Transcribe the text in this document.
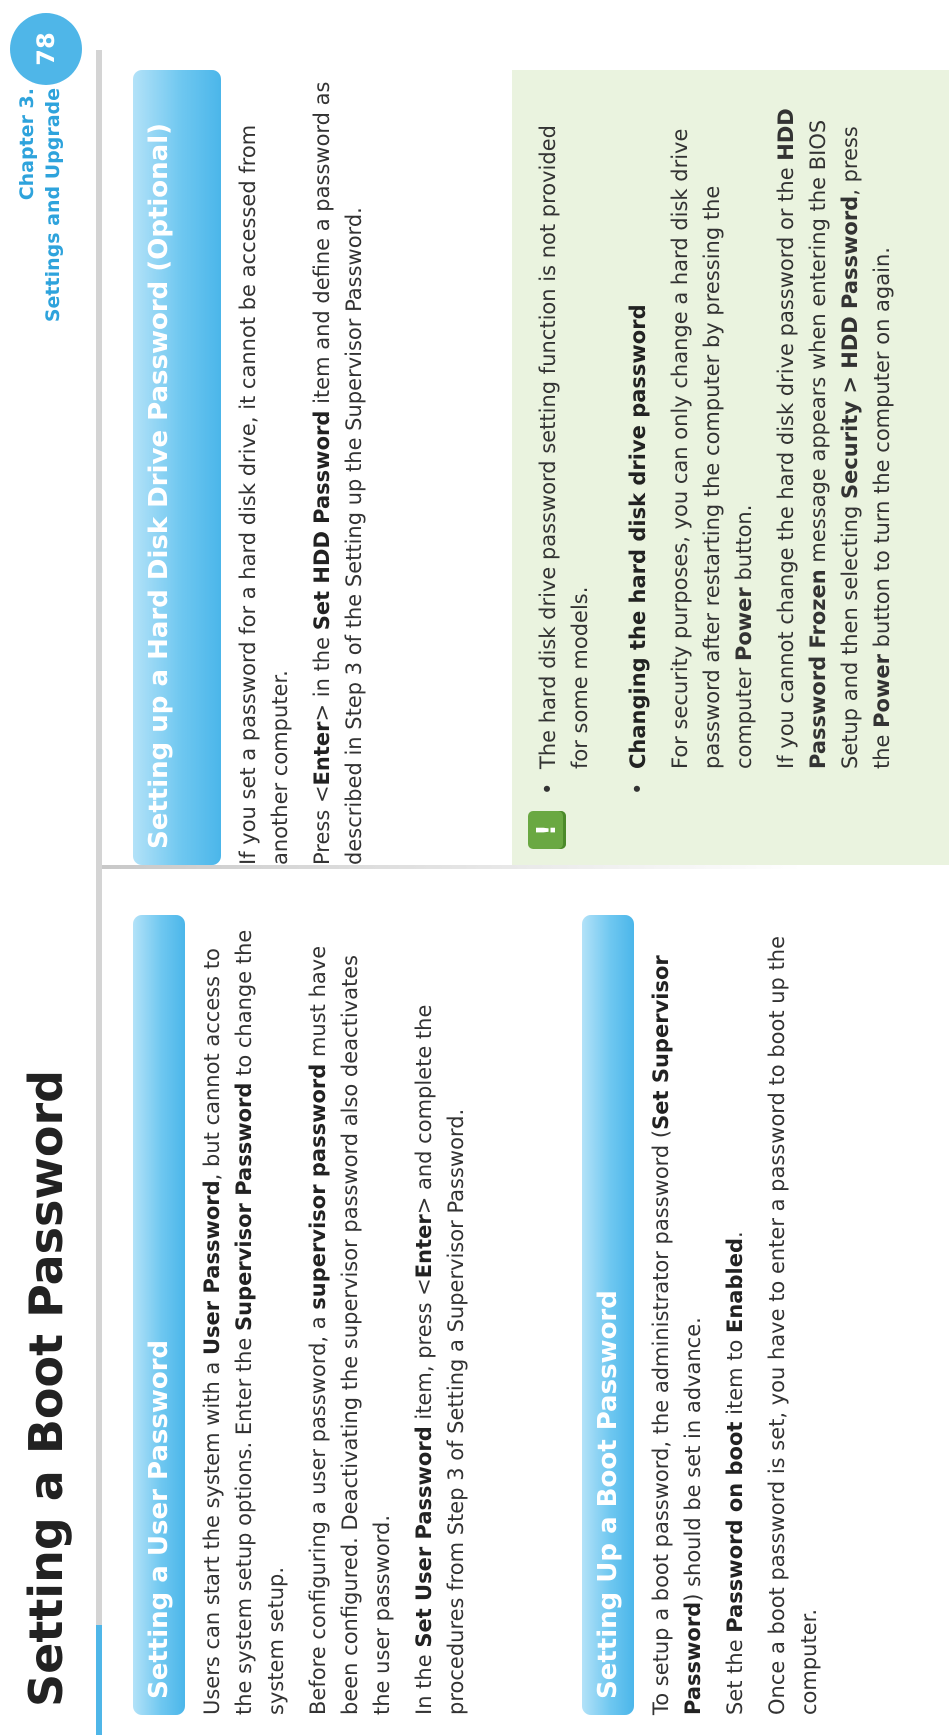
Setting a Boot Password
Chapter 3. Settings and Upgrade
78
Setting a User Password	Users can start the system with a User Password, but cannot access to the system setup options. Enter the Supervisor Password to change the system setup. Before configuring a user password, a supervisor password must have been configured. Deactivating the supervisor password also deactivates the user password. In the Set User Password item, press <Enter> and complete the procedures from Step 3 of Setting a Supervisor Password.	Setting Up a Boot Password	To setup a boot password, the administrator password (Set Supervisor Password) should be set in advance.

Set the Password on boot item to Enabled. Once a boot password is set, you have to enter a password to boot up the computer.

Setting up a Hard Disk Drive Password (Optional)	If you set a password for a hard disk drive, it cannot be accessed from another computer. Press <Enter> in the Set HDD Password item and define a password as described in Step 3 of the Setting up the Supervisor Password.	!
• The hard disk drive password setting function is not provided for some models.
• Changing the hard disk drive password For security purposes, you can only change a hard disk drive password after restarting the computer by pressing the computer Power button. If you cannot change the hard disk drive password or the HDD Password Frozen message appears when entering the BIOS Setup and then selecting Security > HDD Password, press the Power button to turn the computer on again.
